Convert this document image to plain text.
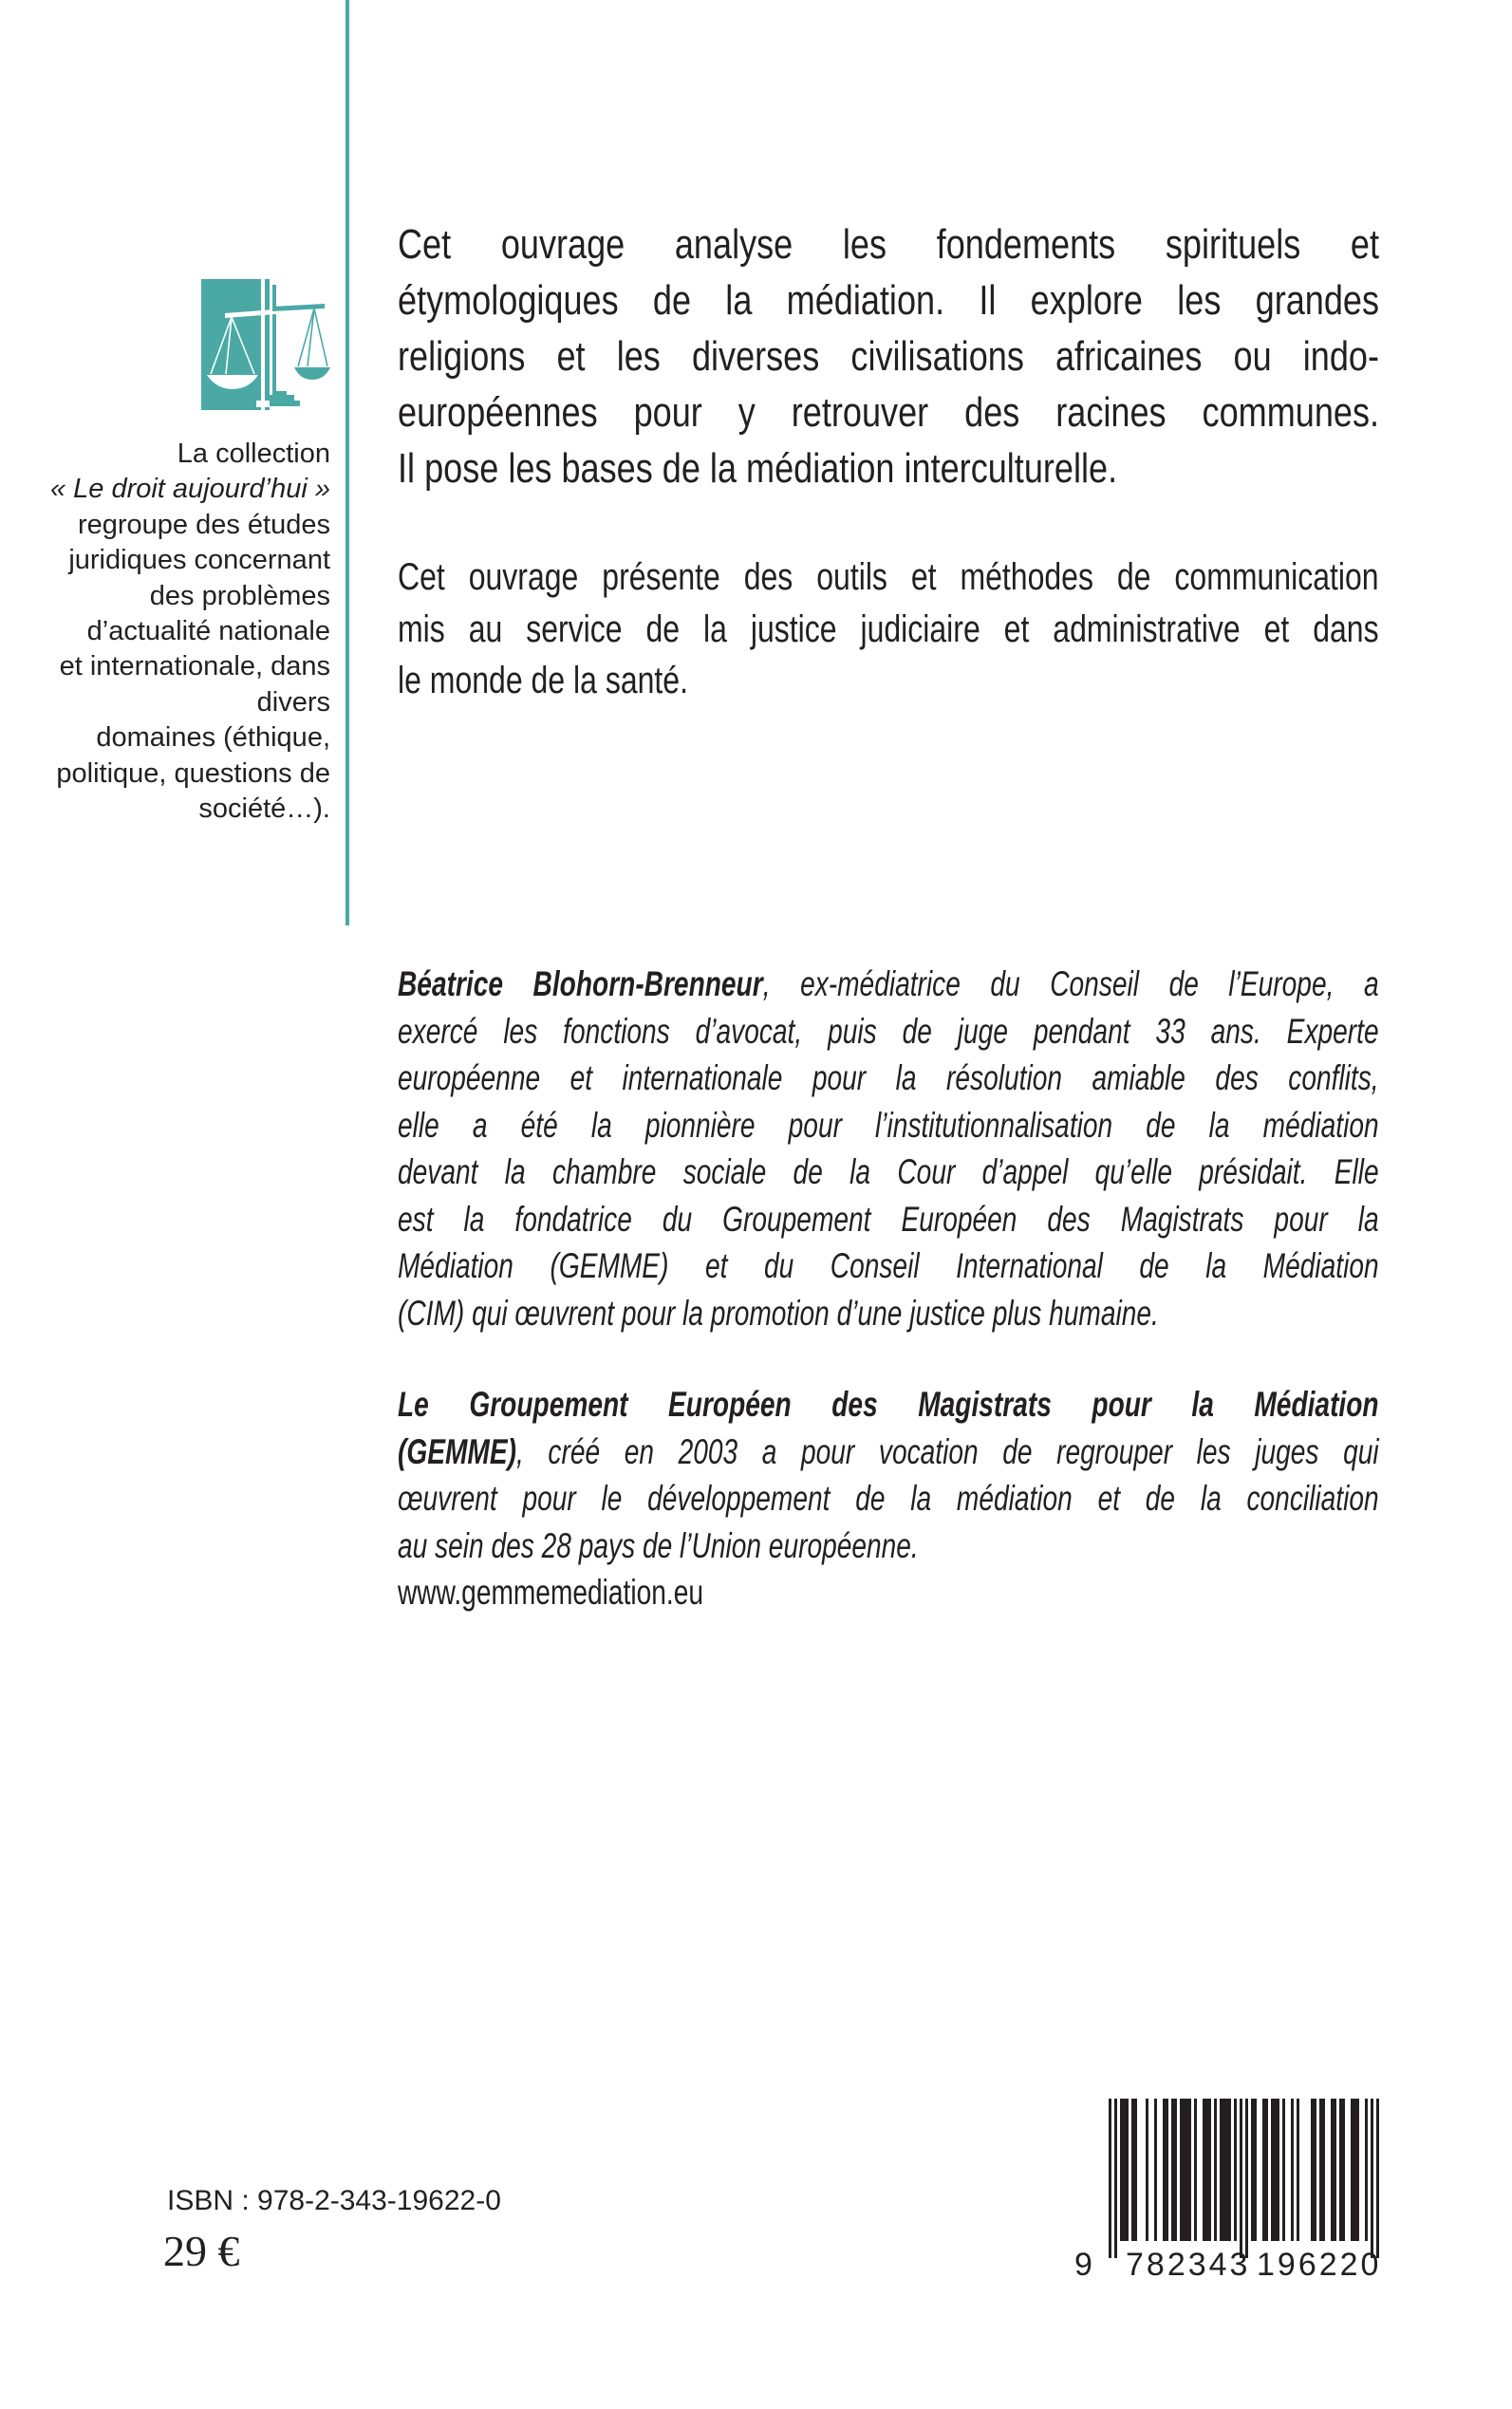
La collection
« Le droit aujourd’hui »
regroupe des études
juridiques concernant
des problèmes
d’actualité nationale
et internationale, dans
divers
domaines (éthique,
politique, questions de
société…).
Cet ouvrage analyse les fondements spirituels et
étymologiques de la médiation. Il explore les grandes
religions et les diverses civilisations africaines ou indo-
européennes pour y retrouver des racines communes.
Il pose les bases de la médiation interculturelle.
Cet ouvrage présente des outils et méthodes de communication
mis au service de la justice judiciaire et administrative et dans
le monde de la santé.
Béatrice Blohorn-Brenneur, ex-médiatrice du Conseil de l’Europe, a
exercé les fonctions d’avocat, puis de juge pendant 33 ans. Experte
européenne et internationale pour la résolution amiable des conflits,
elle a été la pionnière pour l’institutionnalisation de la médiation
devant la chambre sociale de la Cour d’appel qu’elle présidait. Elle
est la fondatrice du Groupement Européen des Magistrats pour la
Médiation (GEMME) et du Conseil International de la Médiation
(CIM) qui œuvrent pour la promotion d’une justice plus humaine.
Le Groupement Européen des Magistrats pour la Médiation
(GEMME), créé en 2003 a pour vocation de regrouper les juges qui
œuvrent pour le développement de la médiation et de la conciliation
au sein des 28 pays de l’Union européenne.
www.gemmemediation.eu
ISBN : 978-2-343-19622-0
29 €	9 782343 196220
